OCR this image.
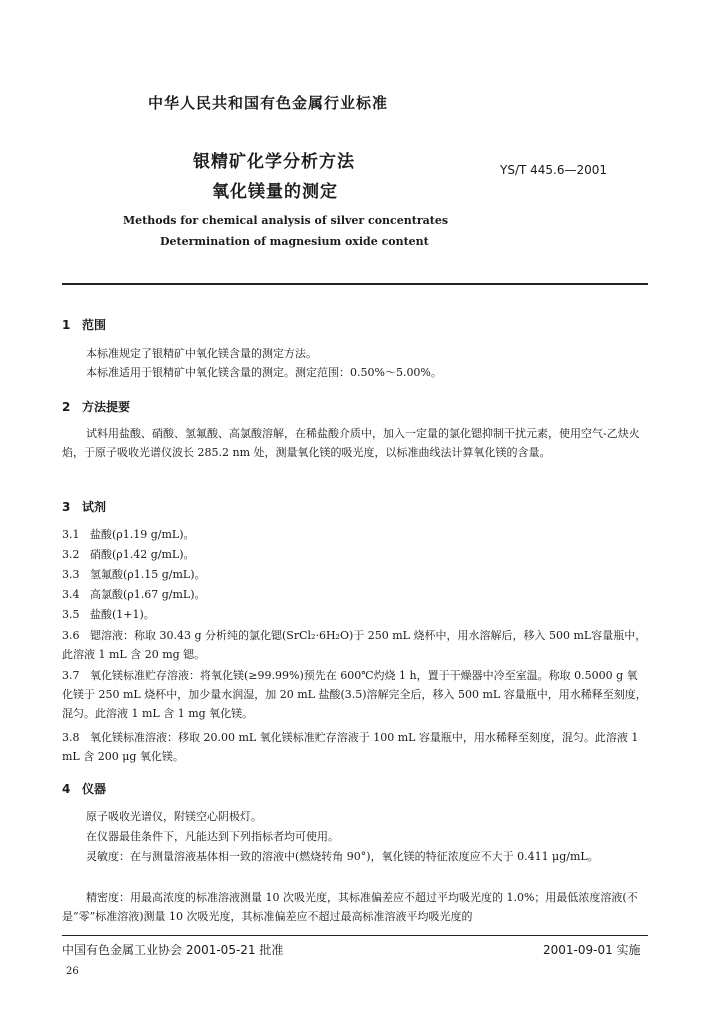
中华人民共和国有色金属行业标准
银精矿化学分析方法
氧化镁量的测定
YS/T 445.6—2001
Methods for chemical analysis of silver concentrates
Determination of magnesium oxide content
1 范围
本标准规定了银精矿中氧化镁含量的测定方法。
本标准适用于银精矿中氧化镁含量的测定。测定范围：0.50%～5.00%。
2 方法提要
试料用盐酸、硝酸、氢氟酸、高氯酸溶解，在稀盐酸介质中，加入一定量的氯化锶抑制干扰元素，使用空气-乙炔火焰，于原子吸收光谱仪波长 285.2 nm 处，测量氧化镁的吸光度，以标准曲线法计算氧化镁的含量。
3 试剂
3.1 盐酸(ρ1.19 g/mL)。
3.2 硝酸(ρ1.42 g/mL)。
3.3 氢氟酸(ρ1.15 g/mL)。
3.4 高氯酸(ρ1.67 g/mL)。
3.5 盐酸(1+1)。
3.6 锶溶液：称取 30.43 g 分析纯的氯化锶(SrCl₂·6H₂O)于 250 mL 烧杯中，用水溶解后，移入 500 mL容量瓶中，此溶液 1 mL 含 20 mg 锶。
3.7 氧化镁标准贮存溶液：将氧化镁(≥99.99%)预先在 600℃灼烧 1 h，置于干燥器中冷至室温。称取 0.5000 g 氧化镁于 250 mL 烧杯中，加少量水润湿，加 20 mL 盐酸(3.5)溶解完全后，移入 500 mL 容量瓶中，用水稀释至刻度，混匀。此溶液 1 mL 含 1 mg 氧化镁。
3.8 氧化镁标准溶液：移取 20.00 mL 氧化镁标准贮存溶液于 100 mL 容量瓶中，用水稀释至刻度，混匀。此溶液 1 mL 含 200 μg 氧化镁。
4 仪器
原子吸收光谱仪，附镁空心阴极灯。
在仪器最佳条件下，凡能达到下列指标者均可使用。
灵敏度：在与测量溶液基体相一致的溶液中(燃烧转角 90°)，氧化镁的特征浓度应不大于 0.411 μg/mL。
精密度：用最高浓度的标准溶液测量 10 次吸光度，其标准偏差应不超过平均吸光度的 1.0%；用最低浓度溶液(不是“零”标准溶液)测量 10 次吸光度，其标准偏差应不超过最高标准溶液平均吸光度的
中国有色金属工业协会 2001-05-21 批准	2001-09-01 实施
26
